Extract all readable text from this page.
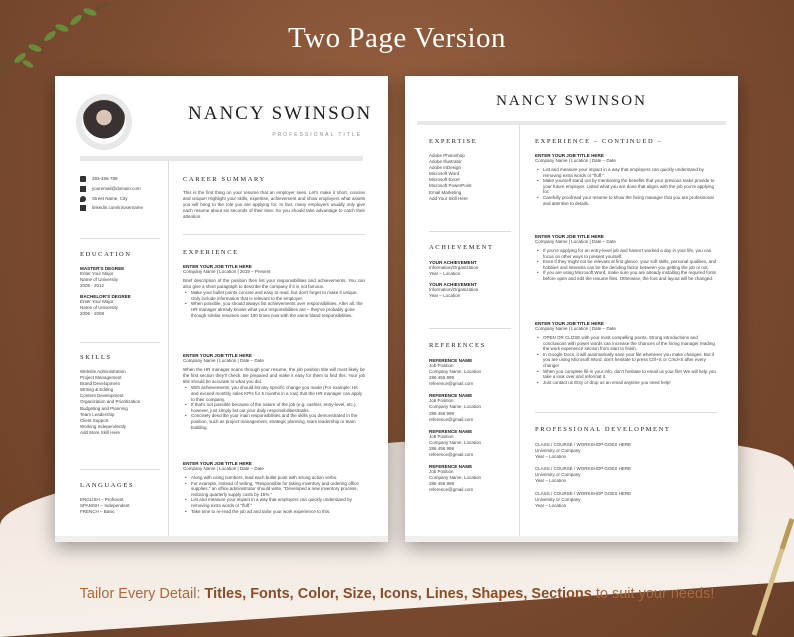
Two Page Version
NANCY SWINSON
PROFESSIONAL TITLE
283-456-789
youremail@domain.com
Street Name, City
linkedin.com/in/username
EDUCATION
MASTER'S DEGREE
Enter Your Major
Name of University
2008 - 2012
BACHELOR'S DEGREE
Enter Your Major
Name of University
2006 - 2008
SKILLS
Website Administration
Project Management
Brand Development
Writing & Editing
Content Development
Organization and Prioritization
Budgeting and Planning
Team Leadership
Client Support
Working Independently
Add More Skill Here
LANGUAGES
ENGLISH – Proficient
SPANISH – Independent
FRENCH – Basic
CAREER SUMMARY
This is the first thing on your resume that an employer sees. Let's make it short, concise and unique! Highlight your skills, expertise, achievement and show employers what assets you will bring to the role you are applying for. In fact, many employers usually only give each resume about six seconds of their time. So you should take advantage to catch their attention.
EXPERIENCE
ENTER YOUR JOB TITLE HERE
Company Name | Location | 2019 – Present
Brief description of the position then list your responsibilities and achievements. You can also give a short paragraph to describe the company if it is not famous.
• Make your bullet points concise and easy to read, but don't forget to make it unique. Only include information that is relevant to the employer.
• When possible, you should always list achievements over responsibilities. After all, the HR manager already knows what your responsibilities are – they've probably gone through similar resumes over 100 times now with the same bland responsibilities.
ENTER YOUR JOB TITLE HERE
Company Name | Location | Date – Date
When the HR manager scans through your resume, the job position title will most likely be the first section they'll check. Be prepared and make it easy for them to find this. Your job title should be accurate to what you did.
• With achievements, you should list any specific change you made (For example: Hit and exceed monthly sales KPIs for 5 months in a row) that the HR manager can apply to their company.
• If that's not possible because of the nature of the job (e.g. cashier, entry-level, etc.), however, just simply list out your daily responsibilities/tasks.
• Concisely describe your main responsibilities and the skills you demonstrated in the position, such as project management, strategic planning, team leadership or team building.
ENTER YOUR JOB TITLE HERE
Company Name | Location | Date – Date
• Along with using numbers, lead each bullet point with strong action verbs.
• For example, instead of writing, "Responsible for taking inventory and ordering office supplies," an office administrator should write, "Developed a new inventory process, reducing quarterly supply costs by 15%."
• List and measure your impact in a way that employers can quickly understand by removing extra words or "fluff."
• Take time to re-read the job ad and tailor your work experience to this.
NANCY SWINSON
EXPERTISE
Adobe Photoshop
Adobe Illustrator
Adobe InDesign
Microsoft Word
Microsoft Excel
Microsoft PowerPoint
Email Marketing
Add Your Skill Here
ACHIEVEMENT
YOUR ACHIEVEMENT
Information/Organization
Year – Location
YOUR ACHIEVEMENT
Information/Organization
Year – Location
REFERENCES
REFERENCE NAME
Job Position
Company Name, Location
286 456 999
reference@gmail.com
REFERENCE NAME
Job Position
Company Name, Location
286 456 999
reference@gmail.com
REFERENCE NAME
Job Position
Company Name, Location
286 456 999
reference@gmail.com
REFERENCE NAME
Job Position
Company Name, Location
286 456 999
reference@gmail.com
EXPERIENCE – CONTINUED –
ENTER YOUR JOB TITLE HERE
Company Name | Location | Date – Date
• List and measure your impact in a way that employers can quickly understand by removing extra words or "fluff."
• Make yourself stand out by mentioning the benefits that your previous tasks provide to your future employer. Listed what you are done that aligns with the job you're applying for.
• Carefully proofread your resume to show the hiring manager that you are professional and attentive to details.
ENTER YOUR JOB TITLE HERE
Company Name | Location | Date – Date
• If you're applying for an entry-level job and haven't worked a day in your life, you can focus on other ways to present yourself.
• Even if they might not be relevant at first glance, your soft skills, personal qualities, and hobbies and interests can be the deciding factor between you getting the job or not.
• If you are using Microsoft Word, make sure you are already installing the required fonts before open and edit the resume files. Otherwise, the font and layout will be changed.
ENTER YOUR JOB TITLE HERE
Company Name | Location | Date – Date
• OPEN OR CLOSE with your most compelling points. Strong introductions and conclusions with power words can increase the chances of the hiring manager reading the work experience section from start to finish.
• In Google Docs, it will automatically save your file whenever you make changes. But if you are using Microsoft Word, don't hesitate to press Ctrl+S or Cmd+S after every change!
• When you complete fill-in your info, don't hesitate to email us your file! We will help you take a look over and reformat it.
• Just contact us Etsy or drop us an email anytime you need help!
PROFESSIONAL DEVELOPMENT
CLASS / COURSE / WORKSHOP GOES HERE
University or Company
Year – Location
CLASS / COURSE / WORKSHOP GOES HERE
University or Company
Year – Location
CLASS / COURSE / WORKSHOP GOES HERE
University or Company
Year – Location
Tailor Every Detail: Titles, Fonts, Color, Size, Icons, Lines, Shapes, Sections to suit your needs!
